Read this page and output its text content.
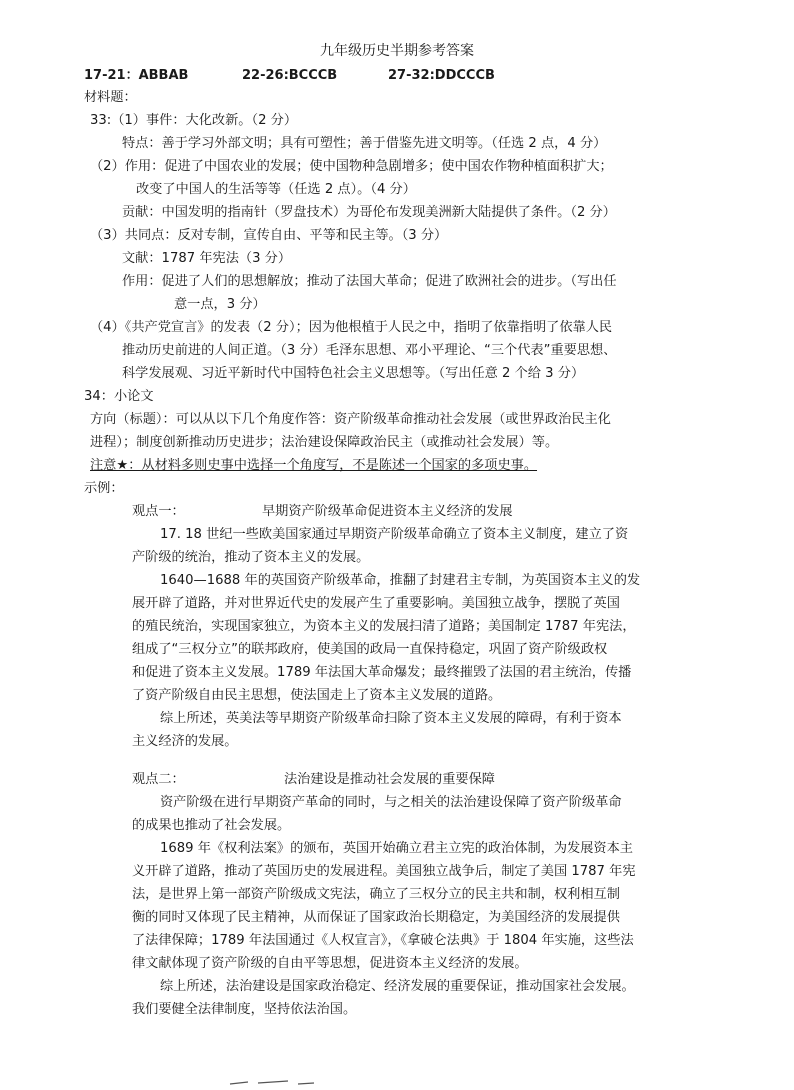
九年级历史半期参考答案
17-21：ABBAB	22-26:BCCCB	27-32:DDCCCB
材料题：
33:（1）事件：大化改新。（2 分）
特点：善于学习外部文明；具有可塑性；善于借鉴先进文明等。（任选 2 点，4 分）
（2）作用：促进了中国农业的发展；使中国物种急剧增多；使中国农作物种植面积扩大；
改变了中国人的生活等等（任选 2 点）。（4 分）
贡献：中国发明的指南针（罗盘技术）为哥伦布发现美洲新大陆提供了条件。（2 分）
（3）共同点：反对专制，宣传自由、平等和民主等。（3 分）
文献：1787 年宪法（3 分）
作用：促进了人们的思想解放；推动了法国大革命；促进了欧洲社会的进步。（写出任
意一点，3 分）
（4）《共产党宣言》的发表（2 分）；因为他根植于人民之中，指明了依靠指明了依靠人民
推动历史前进的人间正道。（3 分）毛泽东思想、邓小平理论、“三个代表”重要思想、
科学发展观、习近平新时代中国特色社会主义思想等。（写出任意 2 个给 3 分）
34：小论文
方向（标题）：可以从以下几个角度作答：资产阶级革命推动社会发展（或世界政治民主化
进程）；制度创新推动历史进步；法治建设保障政治民主（或推动社会发展）等。
注意★：从材料多则史事中选择一个角度写，不是陈述一个国家的多项史事。
示例：
观点一：	早期资产阶级革命促进资本主义经济的发展
17. 18 世纪一些欧美国家通过早期资产阶级革命确立了资本主义制度，建立了资
产阶级的统治，推动了资本主义的发展。
1640—1688 年的英国资产阶级革命，推翻了封建君主专制，为英国资本主义的发
展开辟了道路，并对世界近代史的发展产生了重要影响。美国独立战争，摆脱了英国
的殖民统治，实现国家独立，为资本主义的发展扫清了道路；美国制定 1787 年宪法，
组成了“三权分立”的联邦政府，使美国的政局一直保持稳定，巩固了资产阶级政权
和促进了资本主义发展。1789 年法国大革命爆发；最终摧毁了法国的君主统治，传播
了资产阶级自由民主思想，使法国走上了资本主义发展的道路。
综上所述，英美法等早期资产阶级革命扫除了资本主义发展的障碍，有利于资本
主义经济的发展。
观点二：	法治建设是推动社会发展的重要保障
资产阶级在进行早期资产革命的同时，与之相关的法治建设保障了资产阶级革命
的成果也推动了社会发展。
1689 年《权利法案》的颁布，英国开始确立君主立宪的政治体制，为发展资本主
义开辟了道路，推动了英国历史的发展进程。美国独立战争后，制定了美国 1787 年宪
法，是世界上第一部资产阶级成文宪法，确立了三权分立的民主共和制，权利相互制
衡的同时又体现了民主精神，从而保证了国家政治长期稳定，为美国经济的发展提供
了法律保障；1789 年法国通过《人权宣言》，《拿破仑法典》于 1804 年实施，这些法
律文献体现了资产阶级的自由平等思想，促进资本主义经济的发展。
综上所述，法治建设是国家政治稳定、经济发展的重要保证，推动国家社会发展。
我们要健全法律制度，坚持依法治国。
